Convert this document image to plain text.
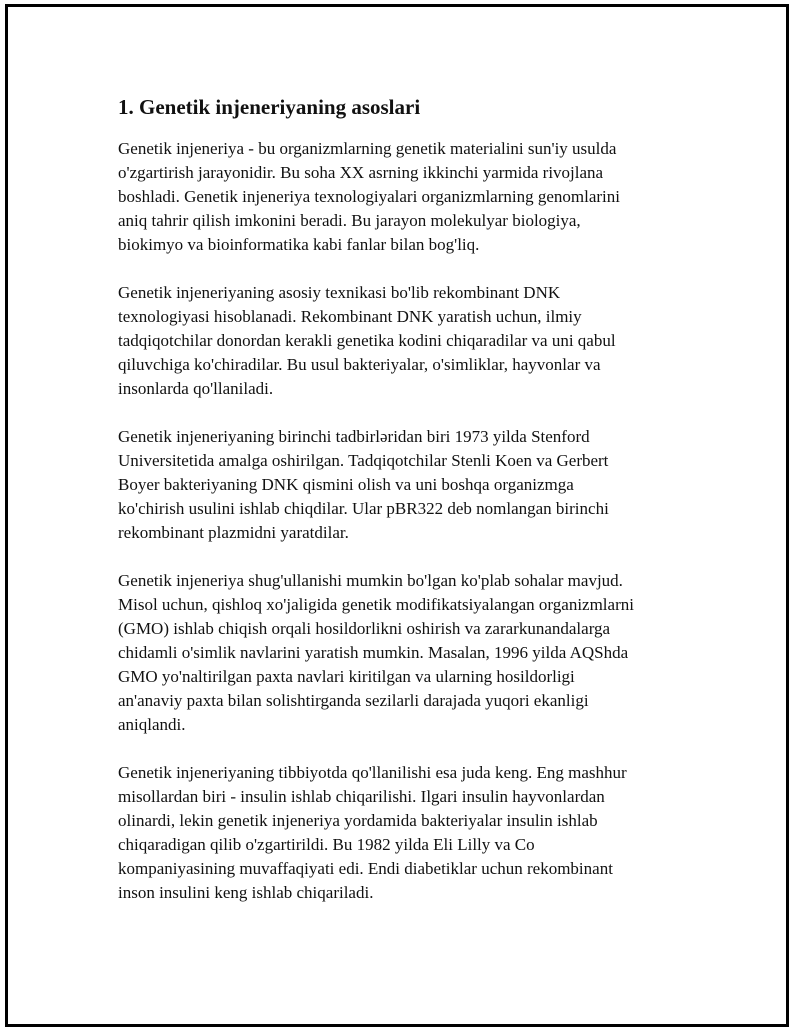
1. Genetik injeneriyaning asoslari

Genetik injeneriya - bu organizmlarning genetik materialini sun'iy usulda
o'zgartirish jarayonidir. Bu soha XX asrning ikkinchi yarmida rivojlana
boshladi. Genetik injeneriya texnologiyalari organizmlarning genomlarini
aniq tahrir qilish imkonini beradi. Bu jarayon molekulyar biologiya,
biokimyo va bioinformatika kabi fanlar bilan bog'liq.

Genetik injeneriyaning asosiy texnikasi bo'lib rekombinant DNK
texnologiyasi hisoblanadi. Rekombinant DNK yaratish uchun, ilmiy
tadqiqotchilar donordan kerakli genetika kodini chiqaradilar va uni qabul
qiluvchiga ko'chiradilar. Bu usul bakteriyalar, o'simliklar, hayvonlar va
insonlarda qo'llaniladi.

Genetik injeneriyaning birinchi tadbirləridan biri 1973 yilda Stenford
Universitetida amalga oshirilgan. Tadqiqotchilar Stenli Koen va Gerbert
Boyer bakteriyaning DNK qismini olish va uni boshqa organizmga
ko'chirish usulini ishlab chiqdilar. Ular pBR322 deb nomlangan birinchi
rekombinant plazmidni yaratdilar.

Genetik injeneriya shug'ullanishi mumkin bo'lgan ko'plab sohalar mavjud.
Misol uchun, qishloq xo'jaligida genetik modifikatsiyalangan organizmlarni
(GMO) ishlab chiqish orqali hosildorlikni oshirish va zararkunandalarga
chidamli o'simlik navlarini yaratish mumkin. Masalan, 1996 yilda AQShda
GMO yo'naltirilgan paxta navlari kiritilgan va ularning hosildorligi
an'anaviy paxta bilan solishtirganda sezilarli darajada yuqori ekanligi
aniqlandi.

Genetik injeneriyaning tibbiyotda qo'llanilishi esa juda keng. Eng mashhur
misollardan biri - insulin ishlab chiqarilishi. Ilgari insulin hayvonlardan
olinardi, lekin genetik injeneriya yordamida bakteriyalar insulin ishlab
chiqaradigan qilib o'zgartirildi. Bu 1982 yilda Eli Lilly va Co
kompaniyasining muvaffaqiyati edi. Endi diabetiklar uchun rekombinant
inson insulini keng ishlab chiqariladi.
